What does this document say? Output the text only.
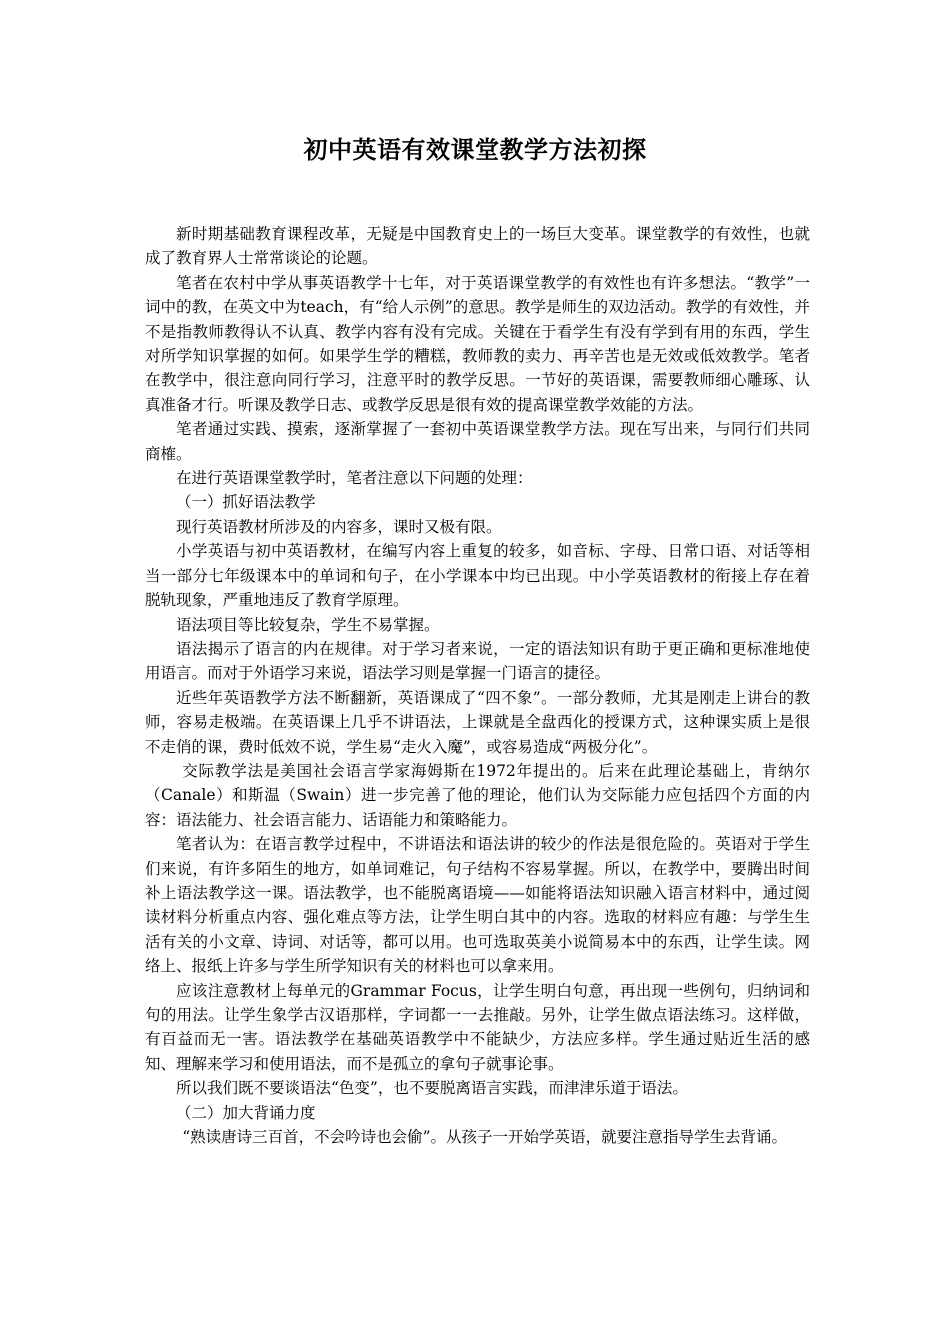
初中英语有效课堂教学方法初探

新时期基础教育课程改革，无疑是中国教育史上的一场巨大变革。课堂教学的有效性，也就成了教育界人士常常谈论的论题。

笔者在农村中学从事英语教学十七年，对于英语课堂教学的有效性也有许多想法。“教学”一词中的教，在英文中为teach，有“给人示例”的意思。教学是师生的双边活动。教学的有效性，并不是指教师教得认不认真、教学内容有没有完成。关键在于看学生有没有学到有用的东西，学生对所学知识掌握的如何。如果学生学的糟糕，教师教的卖力、再辛苦也是无效或低效教学。笔者在教学中，很注意向同行学习，注意平时的教学反思。一节好的英语课，需要教师细心雕琢、认真准备才行。听课及教学日志、或教学反思是很有效的提高课堂教学效能的方法。

笔者通过实践、摸索，逐渐掌握了一套初中英语课堂教学方法。现在写出来，与同行们共同商榷。

在进行英语课堂教学时，笔者注意以下问题的处理：

（一）抓好语法教学

现行英语教材所涉及的内容多，课时又极有限。

小学英语与初中英语教材，在编写内容上重复的较多，如音标、字母、日常口语、对话等相当一部分七年级课本中的单词和句子，在小学课本中均已出现。中小学英语教材的衔接上存在着脱轨现象，严重地违反了教育学原理。

语法项目等比较复杂，学生不易掌握。

语法揭示了语言的内在规律。对于学习者来说，一定的语法知识有助于更正确和更标准地使用语言。而对于外语学习来说，语法学习则是掌握一门语言的捷径。

近些年英语教学方法不断翻新，英语课成了“四不象”。一部分教师，尤其是刚走上讲台的教师，容易走极端。在英语课上几乎不讲语法，上课就是全盘西化的授课方式，这种课实质上是很不走俏的课，费时低效不说，学生易“走火入魔”，或容易造成“两极分化”。

交际教学法是美国社会语言学家海姆斯在1972年提出的。后来在此理论基础上，肯纳尔（Canale）和斯温（Swain）进一步完善了他的理论，他们认为交际能力应包括四个方面的内容：语法能力、社会语言能力、话语能力和策略能力。

笔者认为：在语言教学过程中，不讲语法和语法讲的较少的作法是很危险的。英语对于学生们来说，有许多陌生的地方，如单词难记，句子结构不容易掌握。所以，在教学中，要腾出时间补上语法教学这一课。语法教学，也不能脱离语境——如能将语法知识融入语言材料中，通过阅读材料分析重点内容、强化难点等方法，让学生明白其中的内容。选取的材料应有趣：与学生生活有关的小文章、诗词、对话等，都可以用。也可选取英美小说简易本中的东西，让学生读。网络上、报纸上许多与学生所学知识有关的材料也可以拿来用。

应该注意教材上每单元的Grammar Focus，让学生明白句意，再出现一些例句，归纳词和句的用法。让学生象学古汉语那样，字词都一一去推敲。另外，让学生做点语法练习。这样做，有百益而无一害。语法教学在基础英语教学中不能缺少，方法应多样。学生通过贴近生活的感知、理解来学习和使用语法，而不是孤立的拿句子就事论事。

所以我们既不要谈语法“色变”，也不要脱离语言实践，而津津乐道于语法。

（二）加大背诵力度

“熟读唐诗三百首，不会吟诗也会偷”。从孩子一开始学英语，就要注意指导学生去背诵。
